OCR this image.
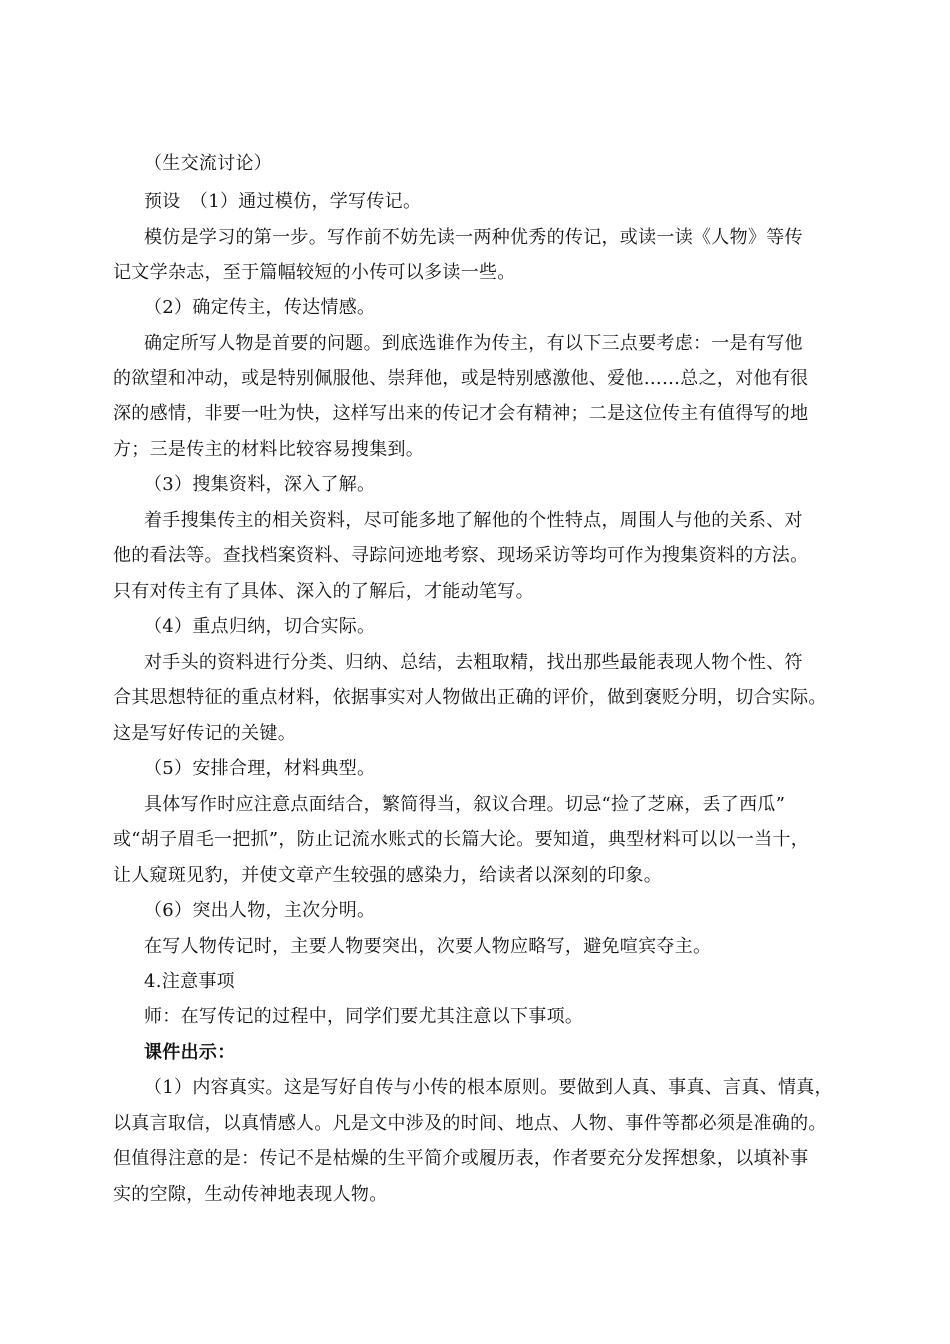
（生交流讨论）
预设　（1）通过模仿，学写传记。
模仿是学习的第一步。写作前不妨先读一两种优秀的传记，或读一读《人物》等传
记文学杂志，至于篇幅较短的小传可以多读一些。
（2）确定传主，传达情感。
确定所写人物是首要的问题。到底选谁作为传主，有以下三点要考虑：一是有写他
的欲望和冲动，或是特别佩服他、崇拜他，或是特别感激他、爱他……总之，对他有很
深的感情，非要一吐为快，这样写出来的传记才会有精神；二是这位传主有值得写的地
方；三是传主的材料比较容易搜集到。
（3）搜集资料，深入了解。
着手搜集传主的相关资料，尽可能多地了解他的个性特点，周围人与他的关系、对
他的看法等。查找档案资料、寻踪问迹地考察、现场采访等均可作为搜集资料的方法。
只有对传主有了具体、深入的了解后，才能动笔写。
（4）重点归纳，切合实际。
对手头的资料进行分类、归纳、总结，去粗取精，找出那些最能表现人物个性、符
合其思想特征的重点材料，依据事实对人物做出正确的评价，做到褒贬分明，切合实际。
这是写好传记的关键。
（5）安排合理，材料典型。
具体写作时应注意点面结合，繁简得当，叙议合理。切忌“捡了芝麻，丢了西瓜”
或“胡子眉毛一把抓”，防止记流水账式的长篇大论。要知道，典型材料可以以一当十，
让人窥斑见豹，并使文章产生较强的感染力，给读者以深刻的印象。
（6）突出人物，主次分明。
在写人物传记时，主要人物要突出，次要人物应略写，避免喧宾夺主。
4.注意事项
师：在写传记的过程中，同学们要尤其注意以下事项。
课件出示：
（1）内容真实。这是写好自传与小传的根本原则。要做到人真、事真、言真、情真，
以真言取信，以真情感人。凡是文中涉及的时间、地点、人物、事件等都必须是准确的。
但值得注意的是：传记不是枯燥的生平简介或履历表，作者要充分发挥想象，以填补事
实的空隙，生动传神地表现人物。
